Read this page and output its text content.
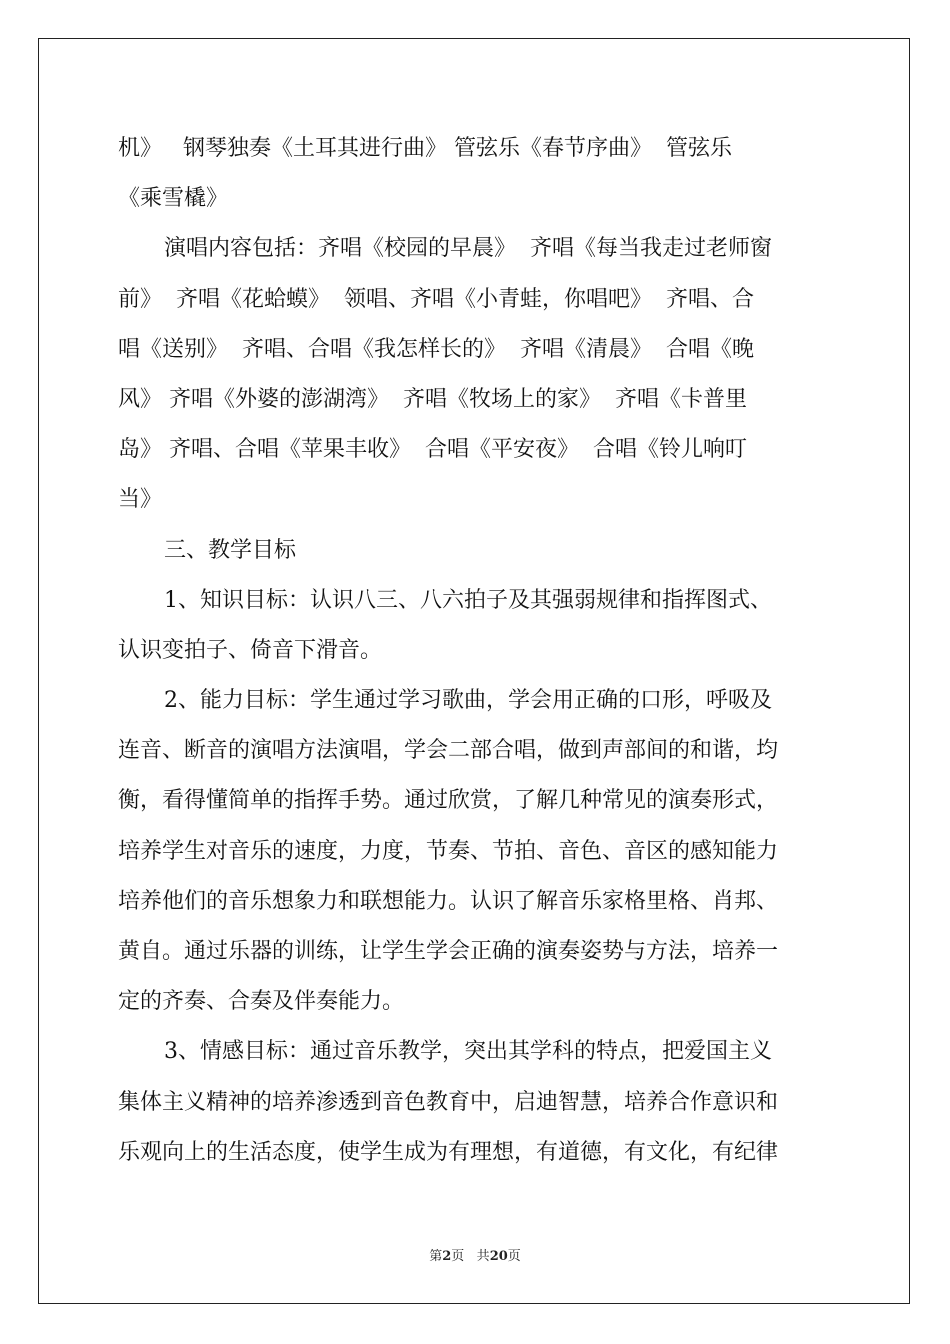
机》   钢琴独奏《土耳其进行曲》 管弦乐《春节序曲》  管弦乐
《乘雪橇》
演唱内容包括：齐唱《校园的早晨》  齐唱《每当我走过老师窗
前》  齐唱《花蛤蟆》  领唱、齐唱《小青蛙，你唱吧》  齐唱、合
唱《送别》  齐唱、合唱《我怎样长的》  齐唱《清晨》  合唱《晚
风》 齐唱《外婆的澎湖湾》  齐唱《牧场上的家》  齐唱《卡普里
岛》 齐唱、合唱《苹果丰收》  合唱《平安夜》  合唱《铃儿响叮
当》
三、教学目标
1、知识目标：认识八三、八六拍子及其强弱规律和指挥图式、
认识变拍子、倚音下滑音。
2、能力目标：学生通过学习歌曲，学会用正确的口形，呼吸及
连音、断音的演唱方法演唱，学会二部合唱，做到声部间的和谐，均
衡，看得懂简单的指挥手势。通过欣赏，了解几种常见的演奏形式，
培养学生对音乐的速度，力度，节奏、节拍、音色、音区的感知能力
培养他们的音乐想象力和联想能力。认识了解音乐家格里格、肖邦、
黄自。通过乐器的训练，让学生学会正确的演奏姿势与方法，培养一
定的齐奏、合奏及伴奏能力。
3、情感目标：通过音乐教学，突出其学科的特点，把爱国主义
集体主义精神的培养渗透到音色教育中，启迪智慧，培养合作意识和
乐观向上的生活态度，使学生成为有理想，有道德，有文化，有纪律
第2页 共20页
